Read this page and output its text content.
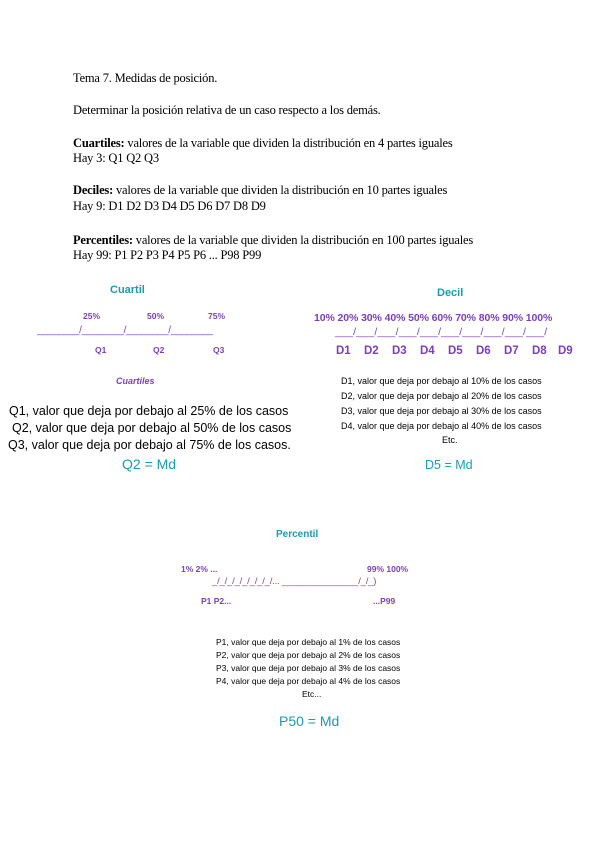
Tema 7. Medidas de posición.
Determinar la posición relativa de un caso respecto a los demás.
Cuartiles: valores de la variable que dividen la distribución en 4 partes iguales
Hay 3: Q1 Q2 Q3
Deciles: valores de la variable que dividen la distribución en 10 partes iguales
Hay 9: D1 D2 D3 D4 D5 D6 D7 D8 D9
Percentiles: valores de la variable que dividen la distribución en 100 partes iguales
Hay 99: P1 P2 P3 P4 P5 P6 ... P98 P99
Cuartil
25%	50%	75%
________/________/________/________
Q1	Q2	Q3
Cuartiles
Q1, valor que deja por debajo al 25% de los casos
Q2, valor que deja por debajo al 50% de los casos
Q3, valor que deja por debajo al 75% de los casos.
Q2 = Md
Decil
10% 20% 30% 40% 50% 60% 70% 80% 90% 100%
___/___/___/___/___/___/___/___/___/___/
D1 D2 D3 D4 D5 D6 D7 D8 D9
D1, valor que deja por debajo al 10% de los casos
D2, valor que deja por debajo al 20% de los casos
D3, valor que deja por debajo al 30% de los casos
D4, valor que deja por debajo al 40% de los casos
Etc.
D5 = Md
Percentil
1% 2% ...	99% 100%
_/_/_/_/_/_/_/_/... _______________/_/_)
P1 P2...	...P99
P1, valor que deja por debajo al 1% de los casos
P2, valor que deja por debajo al 2% de los casos
P3, valor que deja por debajo al 3% de los casos
P4, valor que deja por debajo al 4% de los casos
Etc...
P50 = Md
